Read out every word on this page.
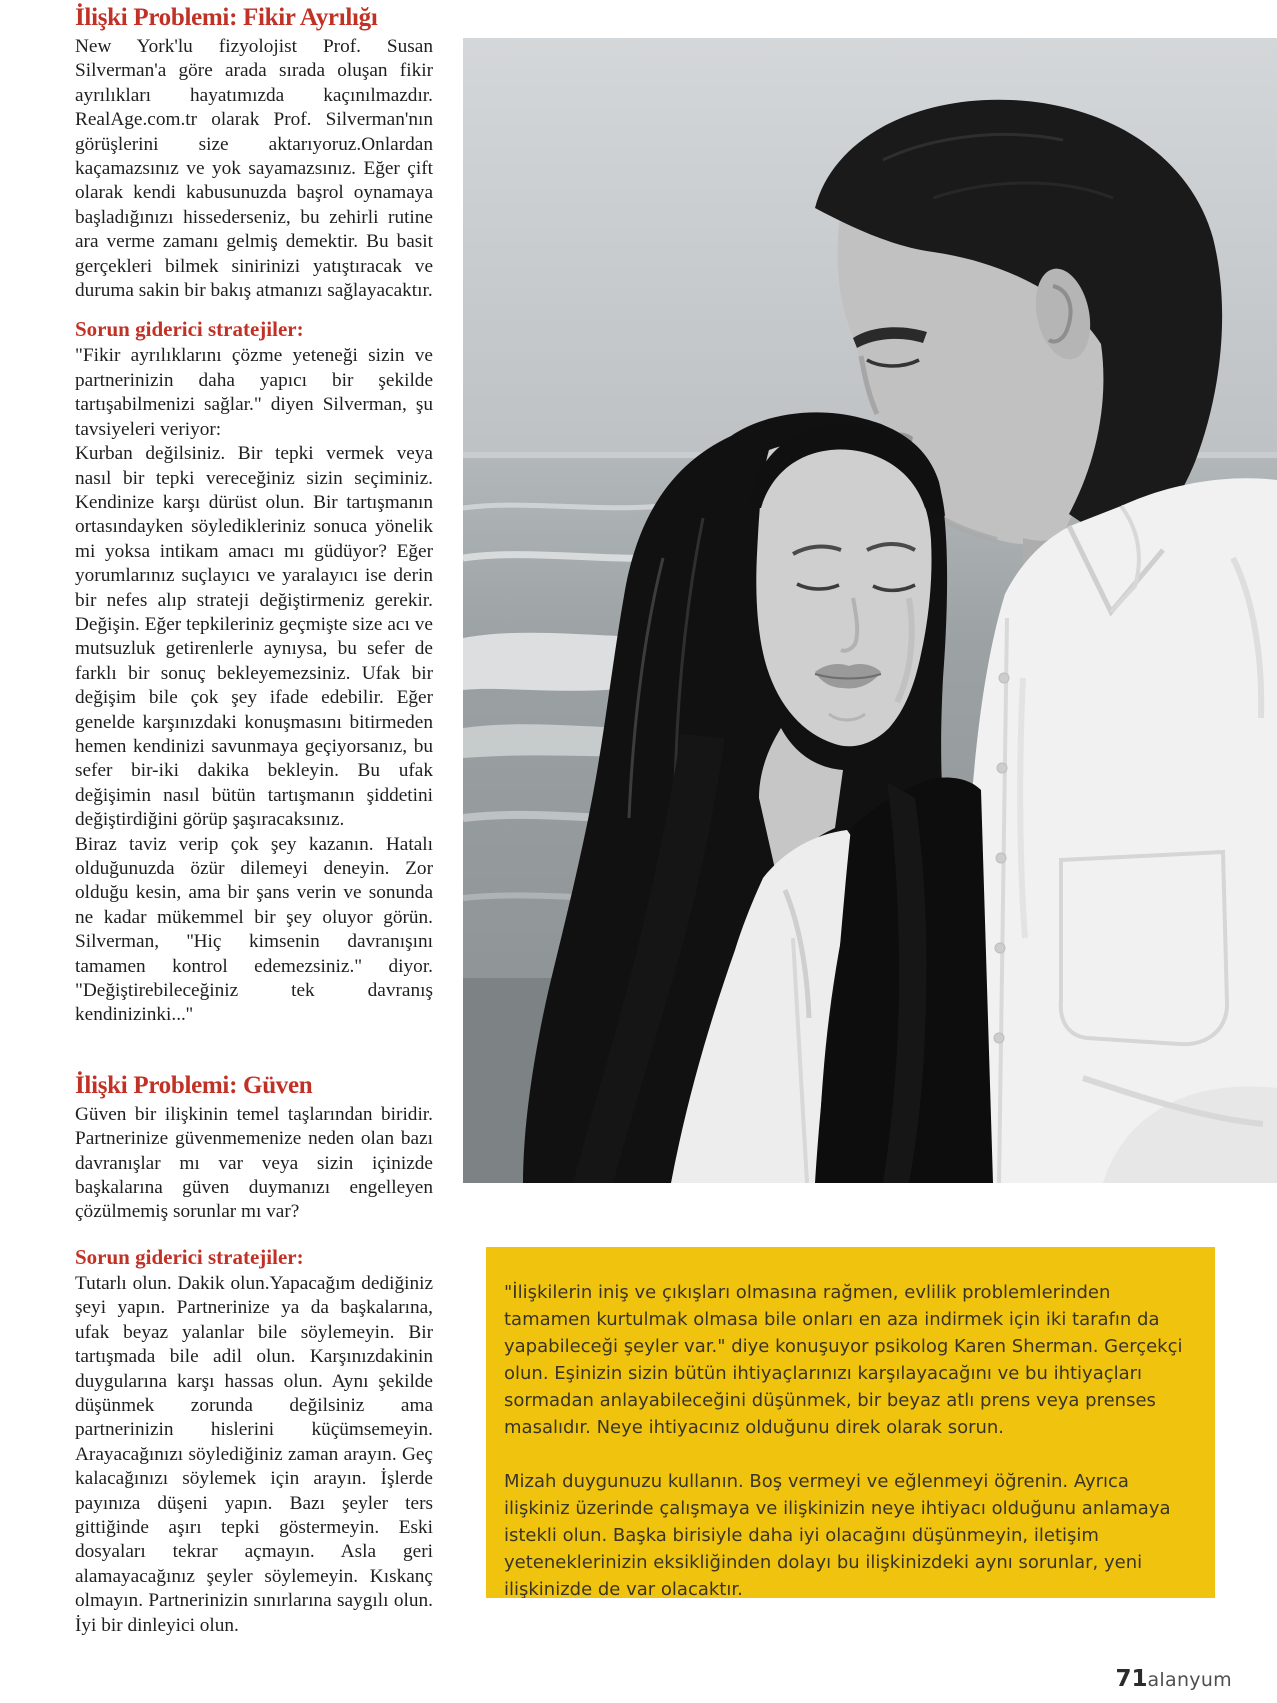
İlişki Problemi: Fikir Ayrılığı

New York'lu fizyolojist Prof. Susan Silverman'a göre arada sırada oluşan fikir ayrılıkları hayatımızda kaçınılmazdır. RealAge.com.tr olarak Prof. Silverman'nın görüşlerini size aktarıyoruz.Onlardan kaçamazsınız ve yok sayamazsınız. Eğer çift olarak kendi kabusunuzda başrol oynamaya başladığınızı hissederseniz, bu zehirli rutine ara verme zamanı gelmiş demektir. Bu basit gerçekleri bilmek sinirinizi yatıştıracak ve duruma sakin bir bakış atmanızı sağlayacaktır.

Sorun giderici stratejiler:

"Fikir ayrılıklarını çözme yeteneği sizin ve partnerinizin daha yapıcı bir şekilde tartışabilmenizi sağlar." diyen Silverman, şu tavsiyeleri veriyor:

Kurban değilsiniz. Bir tepki vermek veya nasıl bir tepki vereceğiniz sizin seçiminiz. Kendinize karşı dürüst olun. Bir tartışmanın ortasındayken söyledikleriniz sonuca yönelik mi yoksa intikam amacı mı güdüyor? Eğer yorumlarınız suçlayıcı ve yaralayıcı ise derin bir nefes alıp strateji değiştirmeniz gerekir. Değişin. Eğer tepkileriniz geçmişte size acı ve mutsuzluk getirenlerle aynıysa, bu sefer de farklı bir sonuç bekleyemezsiniz. Ufak bir değişim bile çok şey ifade edebilir. Eğer genelde karşınızdaki konuşmasını bitirmeden hemen kendinizi savunmaya geçiyorsanız, bu sefer bir-iki dakika bekleyin. Bu ufak değişimin nasıl bütün tartışmanın şiddetini değiştirdiğini görüp şaşıracaksınız.

Biraz taviz verip çok şey kazanın. Hatalı olduğunuzda özür dilemeyi deneyin. Zor olduğu kesin, ama bir şans verin ve sonunda ne kadar mükemmel bir şey oluyor görün. Silverman, ''Hiç kimsenin davranışını tamamen kontrol edemezsiniz." diyor. "Değiştirebileceğiniz tek davranış kendinizinki...''

İlişki Problemi: Güven

Güven bir ilişkinin temel taşlarından biridir. Partnerinize güvenmemenize neden olan bazı davranışlar mı var veya sizin içinizde başkalarına güven duymanızı engelleyen çözülmemiş sorunlar mı var?

Sorun giderici stratejiler:

Tutarlı olun. Dakik olun.Yapacağım dediğiniz şeyi yapın. Partnerinize ya da başkalarına, ufak beyaz yalanlar bile söylemeyin. Bir tartışmada bile adil olun. Karşınızdakinin duygularına karşı hassas olun. Aynı şekilde düşünmek zorunda değilsiniz ama partnerinizin hislerini küçümsemeyin. Arayacağınızı söylediğiniz zaman arayın. Geç kalacağınızı söylemek için arayın. İşlerde payınıza düşeni yapın. Bazı şeyler ters gittiğinde aşırı tepki göstermeyin. Eski dosyaları tekrar açmayın. Asla geri alamayacağınız şeyler söylemeyin. Kıskanç olmayın. Partnerinizin sınırlarına saygılı olun. İyi bir dinleyici olun.

"İlişkilerin iniş ve çıkışları olmasına rağmen, evlilik problemlerinden tamamen kurtulmak olmasa bile onları en aza indirmek için iki tarafın da yapabileceği şeyler var." diye konuşuyor psikolog Karen Sherman. Gerçekçi olun. Eşinizin sizin bütün ihtiyaçlarınızı karşılayacağını ve bu ihtiyaçları sormadan anlayabileceğini düşünmek, bir beyaz atlı prens veya prenses masalıdır. Neye ihtiyacınız olduğunu direk olarak sorun.

Mizah duygunuzu kullanın. Boş vermeyi ve eğlenmeyi öğrenin. Ayrıca ilişkiniz üzerinde çalışmaya ve ilişkinizin neye ihtiyacı olduğunu anlamaya istekli olun. Başka birisiyle daha iyi olacağını düşünmeyin, iletişim yeteneklerinizin eksikliğinden dolayı bu ilişkinizdeki aynı sorunlar, yeni ilişkinizde de var olacaktır.

71alanyum
